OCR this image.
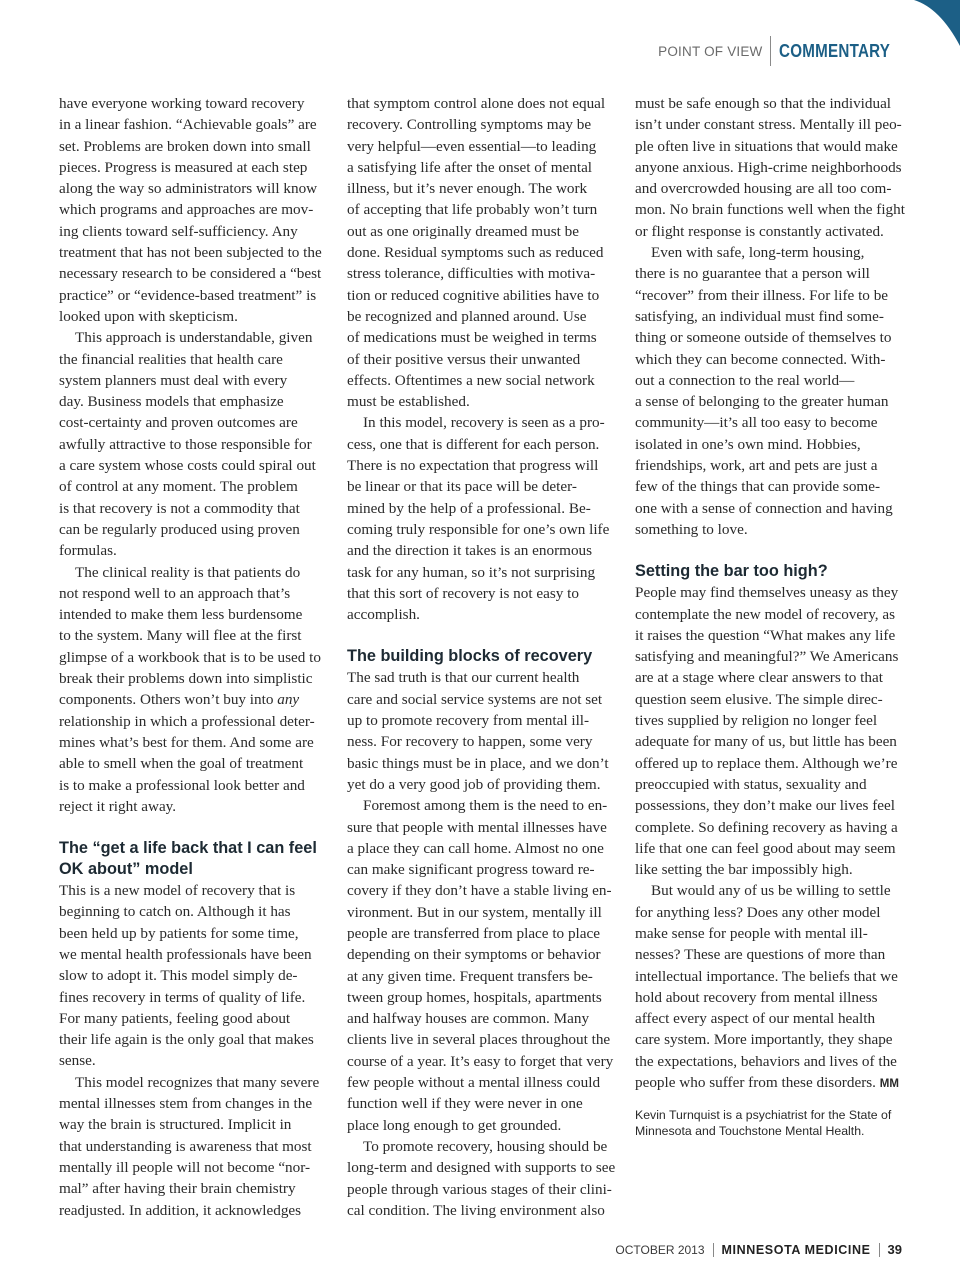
POINT OF VIEW COMMENTARY
have everyone working toward recovery
in a linear fashion. “Achievable goals” are
set. Problems are broken down into small
pieces. Progress is measured at each step
along the way so administrators will know
which programs and approaches are mov-
ing clients toward self-sufficiency. Any
treatment that has not been subjected to the
necessary research to be considered a “best
practice” or “evidence-based treatment” is
looked upon with skepticism.
This approach is understandable, given
the financial realities that health care
system planners must deal with every
day. Business models that emphasize
cost-certainty and proven outcomes are
awfully attractive to those responsible for
a care system whose costs could spiral out
of control at any moment. The problem
is that recovery is not a commodity that
can be regularly produced using proven
formulas.
The clinical reality is that patients do
not respond well to an approach that’s
intended to make them less burdensome
to the system. Many will flee at the first
glimpse of a workbook that is to be used to
break their problems down into simplistic
components. Others won’t buy into any
relationship in which a professional deter-
mines what’s best for them. And some are
able to smell when the goal of treatment
is to make a professional look better and
reject it right away.
The “get a life back that I can feel
OK about” model
This is a new model of recovery that is
beginning to catch on. Although it has
been held up by patients for some time,
we mental health professionals have been
slow to adopt it. This model simply de-
fines recovery in terms of quality of life.
For many patients, feeling good about
their life again is the only goal that makes
sense.
This model recognizes that many severe
mental illnesses stem from changes in the
way the brain is structured. Implicit in
that understanding is awareness that most
mentally ill people will not become “nor-
mal” after having their brain chemistry
readjusted. In addition, it acknowledges
that symptom control alone does not equal
recovery. Controlling symptoms may be
very helpful—even essential—to leading
a satisfying life after the onset of mental
illness, but it’s never enough. The work
of accepting that life probably won’t turn
out as one originally dreamed must be
done. Residual symptoms such as reduced
stress tolerance, difficulties with motiva-
tion or reduced cognitive abilities have to
be recognized and planned around. Use
of medications must be weighed in terms
of their positive versus their unwanted
effects. Oftentimes a new social network
must be established.
In this model, recovery is seen as a pro-
cess, one that is different for each person.
There is no expectation that progress will
be linear or that its pace will be deter-
mined by the help of a professional. Be-
coming truly responsible for one’s own life
and the direction it takes is an enormous
task for any human, so it’s not surprising
that this sort of recovery is not easy to
accomplish.
The building blocks of recovery
The sad truth is that our current health
care and social service systems are not set
up to promote recovery from mental ill-
ness. For recovery to happen, some very
basic things must be in place, and we don’t
yet do a very good job of providing them.
Foremost among them is the need to en-
sure that people with mental illnesses have
a place they can call home. Almost no one
can make significant progress toward re-
covery if they don’t have a stable living en-
vironment. But in our system, mentally ill
people are transferred from place to place
depending on their symptoms or behavior
at any given time. Frequent transfers be-
tween group homes, hospitals, apartments
and halfway houses are common. Many
clients live in several places throughout the
course of a year. It’s easy to forget that very
few people without a mental illness could
function well if they were never in one
place long enough to get grounded.
To promote recovery, housing should be
long-term and designed with supports to see
people through various stages of their clini-
cal condition. The living environment also
must be safe enough so that the individual
isn’t under constant stress. Mentally ill peo-
ple often live in situations that would make
anyone anxious. High-crime neighborhoods
and overcrowded housing are all too com-
mon. No brain functions well when the fight
or flight response is constantly activated.
Even with safe, long-term housing,
there is no guarantee that a person will
“recover” from their illness. For life to be
satisfying, an individual must find some-
thing or someone outside of themselves to
which they can become connected. With-
out a connection to the real world—
a sense of belonging to the greater human
community—it’s all too easy to become
isolated in one’s own mind. Hobbies,
friendships, work, art and pets are just a
few of the things that can provide some-
one with a sense of connection and having
something to love.
Setting the bar too high?
People may find themselves uneasy as they
contemplate the new model of recovery, as
it raises the question “What makes any life
satisfying and meaningful?” We Americans
are at a stage where clear answers to that
question seem elusive. The simple direc-
tives supplied by religion no longer feel
adequate for many of us, but little has been
offered up to replace them. Although we’re
preoccupied with status, sexuality and
possessions, they don’t make our lives feel
complete. So defining recovery as having a
life that one can feel good about may seem
like setting the bar impossibly high.
But would any of us be willing to settle
for anything less? Does any other model
make sense for people with mental ill-
nesses? These are questions of more than
intellectual importance. The beliefs that we
hold about recovery from mental illness
affect every aspect of our mental health
care system. More importantly, they shape
the expectations, behaviors and lives of the
people who suffer from these disorders. MM
Kevin Turnquist is a psychiatrist for the State of
Minnesota and Touchstone Mental Health.
OCTOBER 2013 MINNESOTA MEDICINE 39
